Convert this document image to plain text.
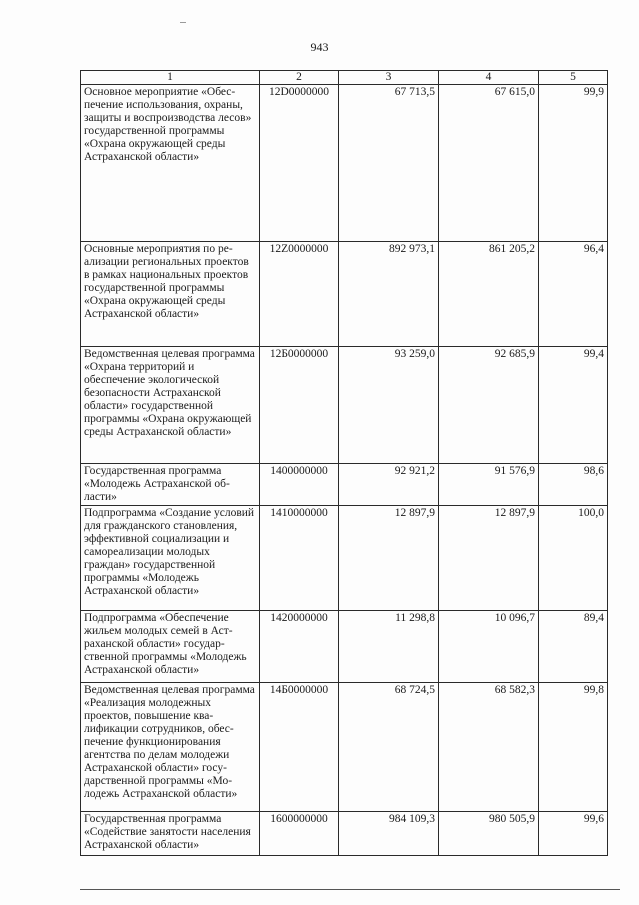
943
1	2	3	4	5
Основное мероприятие «Обеспечение использования, охраны, защиты и воспроизводства лесов» государственной программы «Охрана окружающей среды Астраханской области»	12D0000000	67 713,5	67 615,0	99,9
Основные мероприятия по реализации региональных проектов в рамках национальных проектов государственной программы «Охрана окружающей среды Астраханской области»	12Z0000000	892 973,1	861 205,2	96,4
Ведомственная целевая программа «Охрана территорий и обеспечение экологической безопасности Астраханской области» государственной программы «Охрана окружающей среды Астраханской области»	12Б0000000	93 259,0	92 685,9	99,4
Государственная программа «Молодежь Астраханской области»	1400000000	92 921,2	91 576,9	98,6
Подпрограмма «Создание условий для гражданского становления, эффективной социализации и самореализации молодых граждан» государственной программы «Молодежь Астраханской области»	1410000000	12 897,9	12 897,9	100,0
Подпрограмма «Обеспечение жильем молодых семей в Астраханской области» государственной программы «Молодежь Астраханской области»	1420000000	11 298,8	10 096,7	89,4
Ведомственная целевая программа «Реализация молодежных проектов, повышение квалификации сотрудников, обеспечение функционирования агентства по делам молодежи Астраханской области» государственной программы «Молодежь Астраханской области»	14Б0000000	68 724,5	68 582,3	99,8
Государственная программа «Содействие занятости населения Астраханской области»	1600000000	984 109,3	980 505,9	99,6
